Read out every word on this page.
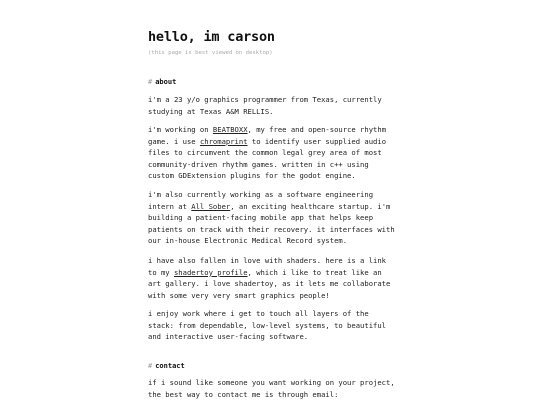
hello, im carson
(this page is best viewed on desktop)
# about
i'm a 23 y/o graphics programmer from Texas, currently studying at Texas A&M RELLIS.
i'm working on BEATBOXX, my free and open-source rhythm game. i use chromaprint to identify user supplied audio files to circumvent the common legal grey area of most community-driven rhythm games. written in c++ using custom GDExtension plugins for the godot engine.
i'm also currently working as a software engineering intern at All Sober, an exciting healthcare startup. i'm building a patient-facing mobile app that helps keep patients on track with their recovery. it interfaces with our in-house Electronic Medical Record system.
i have also fallen in love with shaders. here is a link to my shadertoy profile, which i like to treat like an art gallery. i love shadertoy, as it lets me collaborate with some very very smart graphics people!
i enjoy work where i get to touch all layers of the stack: from dependable, low-level systems, to beautiful and interactive user-facing software.
# contact
if i sound like someone you want working on your project, the best way to contact me is through email:
